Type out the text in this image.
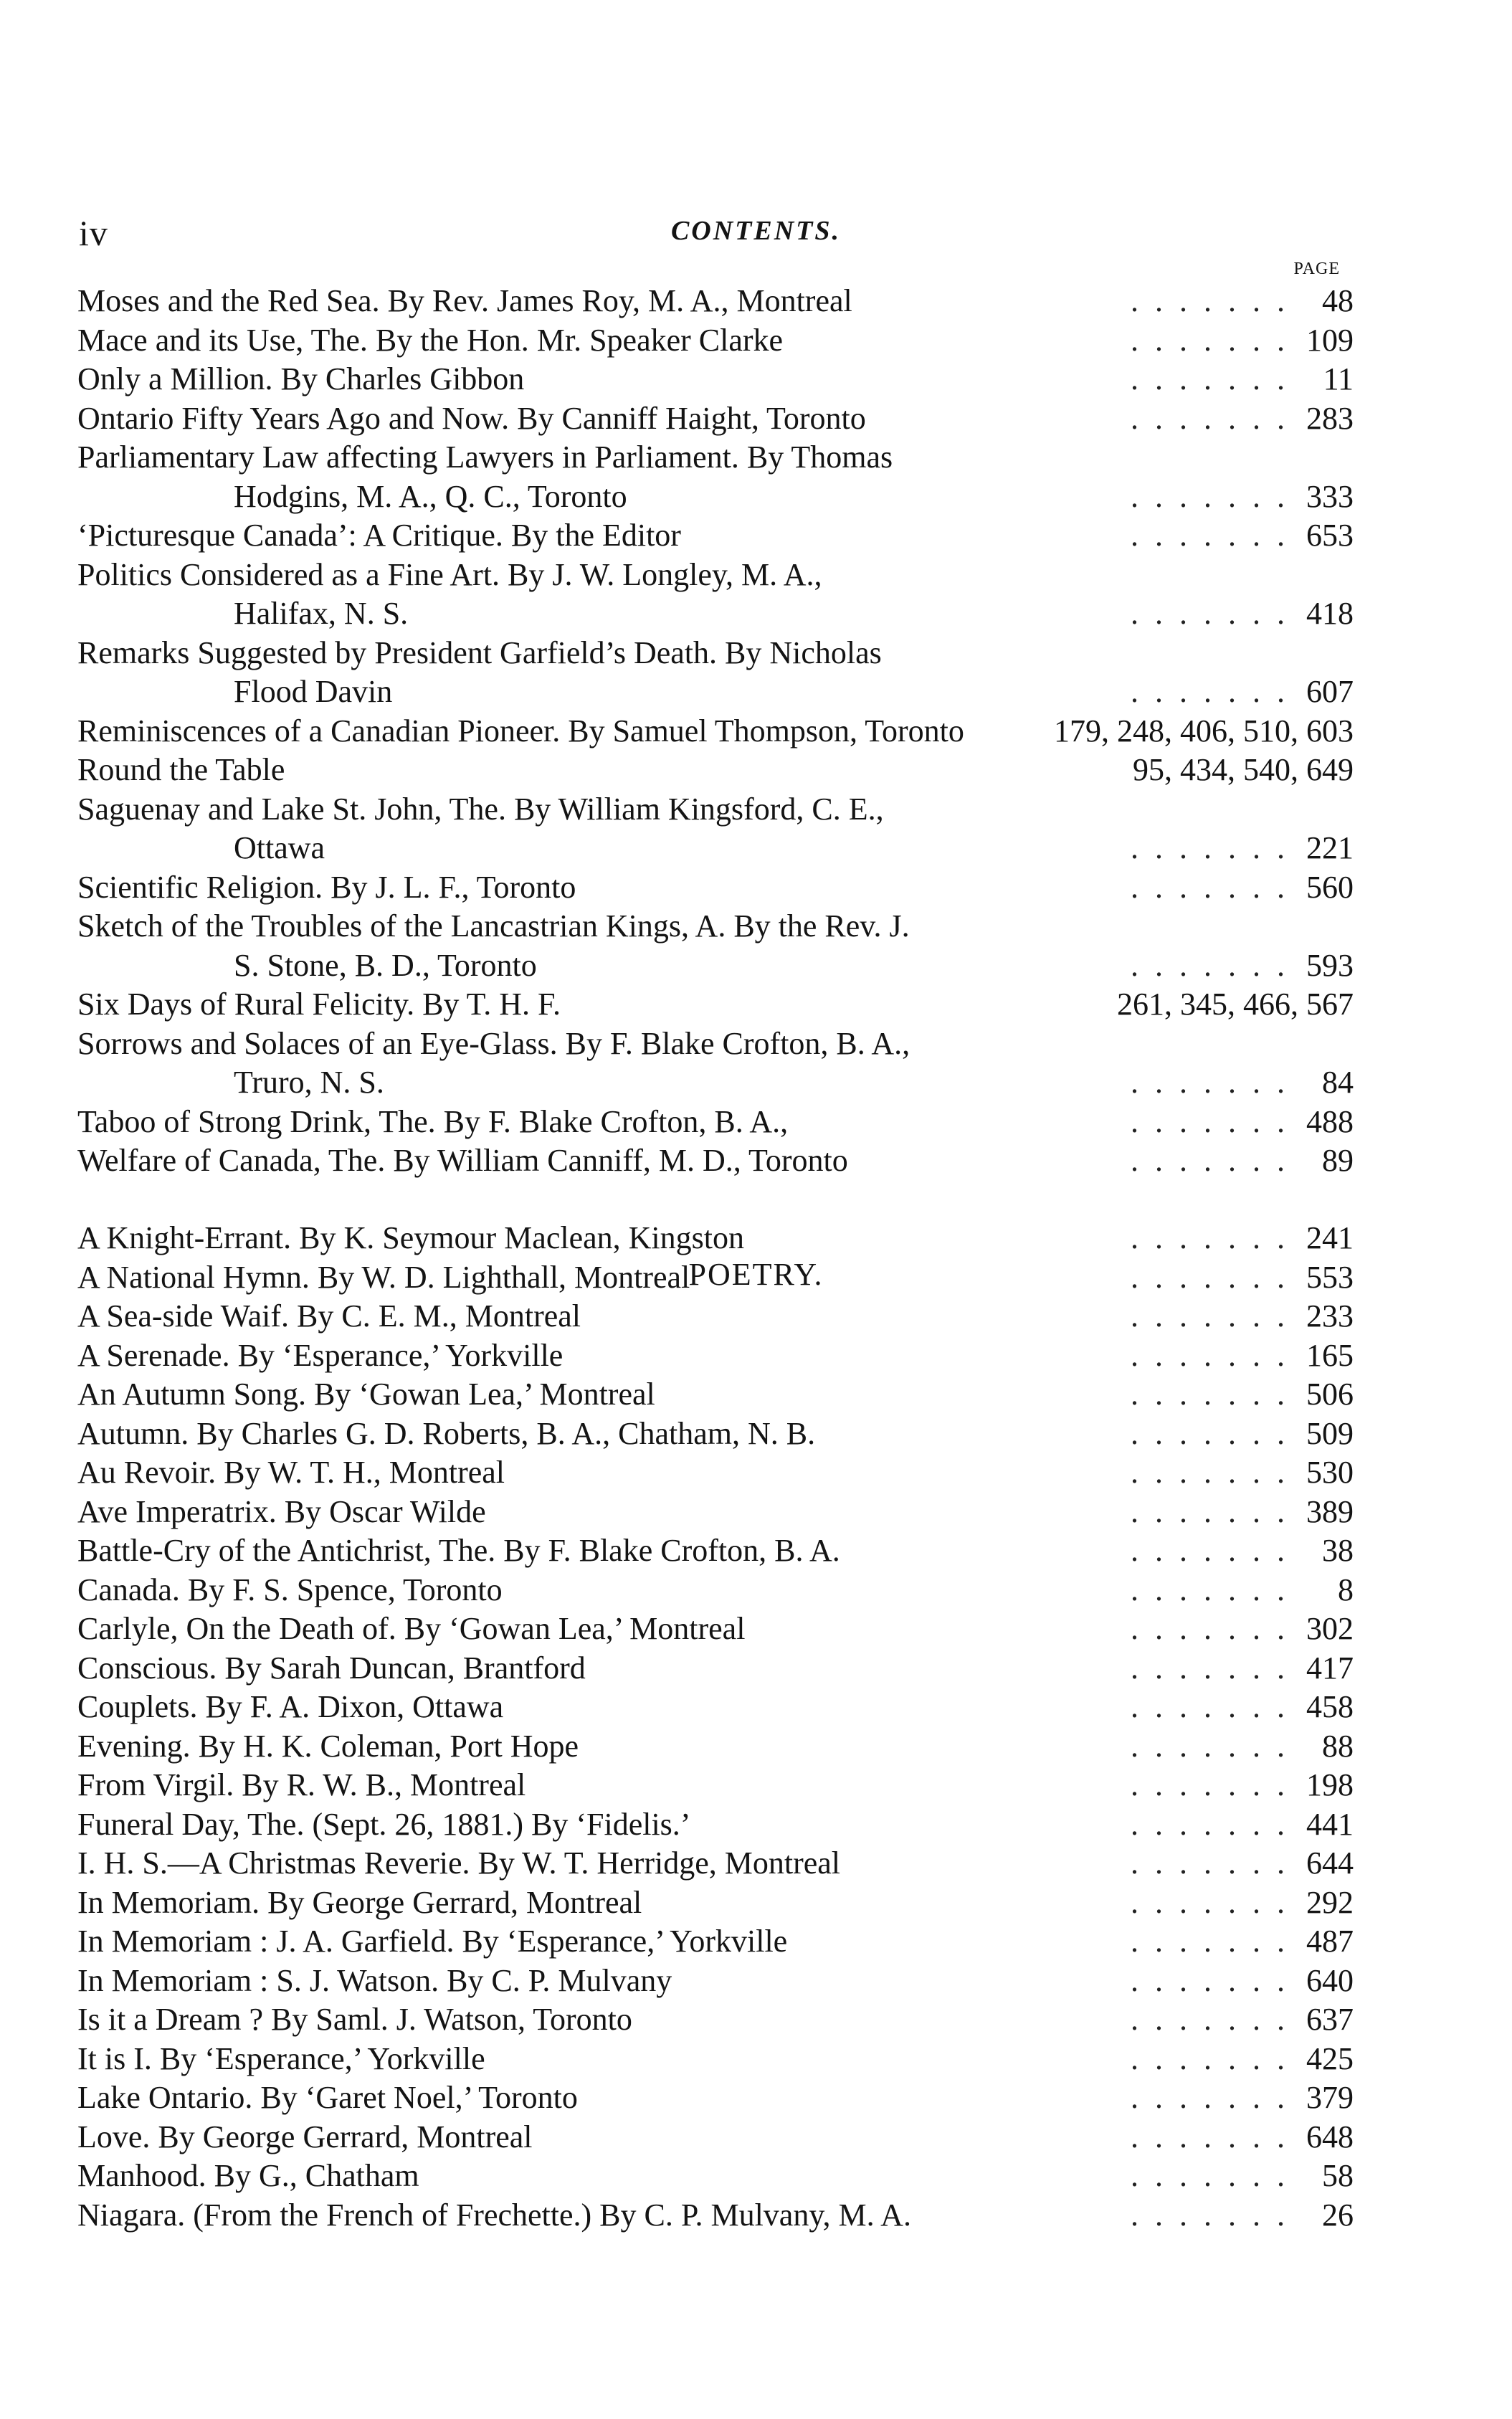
iv	CONTENTS.
PAGE
Moses and the Red Sea. By Rev. James Roy, M. A., Montreal	. . . . . . . 48
Mace and its Use, The. By the Hon. Mr. Speaker Clarke	. . . . . . . 109
Only a Million. By Charles Gibbon	. . . . . . . 11
Ontario Fifty Years Ago and Now. By Canniff Haight, Toronto	. . . . . . . 283
Parliamentary Law affecting Lawyers in Parliament. By Thomas
Hodgins, M. A., Q. C., Toronto	. . . . . . . 333
‘Picturesque Canada’: A Critique. By the Editor	. . . . . . . 653
Politics Considered as a Fine Art. By J. W. Longley, M. A.,
Halifax, N. S.	. . . . . . . 418
Remarks Suggested by President Garfield’s Death. By Nicholas
Flood Davin	. . . . . . . 607
Reminiscences of a Canadian Pioneer. By Samuel Thompson, Toronto	179, 248, 406, 510, 603
Round the Table	95, 434, 540, 649
Saguenay and Lake St. John, The. By William Kingsford, C. E.,
Ottawa	. . . . . . . 221
Scientific Religion. By J. L. F., Toronto	. . . . . . . 560
Sketch of the Troubles of the Lancastrian Kings, A. By the Rev. J.
S. Stone, B. D., Toronto	. . . . . . . 593
Six Days of Rural Felicity. By T. H. F.	261, 345, 466, 567
Sorrows and Solaces of an Eye-Glass. By F. Blake Crofton, B. A.,
Truro, N. S.	. . . . . . . 84
Taboo of Strong Drink, The. By F. Blake Crofton, B. A.,	. . . . . . . 488
Welfare of Canada, The. By William Canniff, M. D., Toronto	. . . . . . . 89
POETRY.
A Knight-Errant. By K. Seymour Maclean, Kingston	. . . . . . . 241
A National Hymn. By W. D. Lighthall, Montreal	. . . . . . . 553
A Sea-side Waif. By C. E. M., Montreal	. . . . . . . 233
A Serenade. By ‘Esperance,’ Yorkville	. . . . . . . 165
An Autumn Song. By ‘Gowan Lea,’ Montreal	. . . . . . . 506
Autumn. By Charles G. D. Roberts, B. A., Chatham, N. B.	. . . . . . . 509
Au Revoir. By W. T. H., Montreal	. . . . . . . 530
Ave Imperatrix. By Oscar Wilde	. . . . . . . 389
Battle-Cry of the Antichrist, The. By F. Blake Crofton, B. A.	. . . . . . . 38
Canada. By F. S. Spence, Toronto	. . . . . . . 8
Carlyle, On the Death of. By ‘Gowan Lea,’ Montreal	. . . . . . . 302
Conscious. By Sarah Duncan, Brantford	. . . . . . . 417
Couplets. By F. A. Dixon, Ottawa	. . . . . . . 458
Evening. By H. K. Coleman, Port Hope	. . . . . . . 88
From Virgil. By R. W. B., Montreal	. . . . . . . 198
Funeral Day, The. (Sept. 26, 1881.) By ‘Fidelis.’	. . . . . . . 441
I. H. S.—A Christmas Reverie. By W. T. Herridge, Montreal	. . . . . . . 644
In Memoriam. By George Gerrard, Montreal	. . . . . . . 292
In Memoriam : J. A. Garfield. By ‘Esperance,’ Yorkville	. . . . . . . 487
In Memoriam : S. J. Watson. By C. P. Mulvany	. . . . . . . 640
Is it a Dream ? By Saml. J. Watson, Toronto	. . . . . . . 637
It is I. By ‘Esperance,’ Yorkville	. . . . . . . 425
Lake Ontario. By ‘Garet Noel,’ Toronto	. . . . . . . 379
Love. By George Gerrard, Montreal	. . . . . . . 648
Manhood. By G., Chatham	. . . . . . . 58
Niagara. (From the French of Frechette.) By C. P. Mulvany, M. A.	. . . . . . . 26
